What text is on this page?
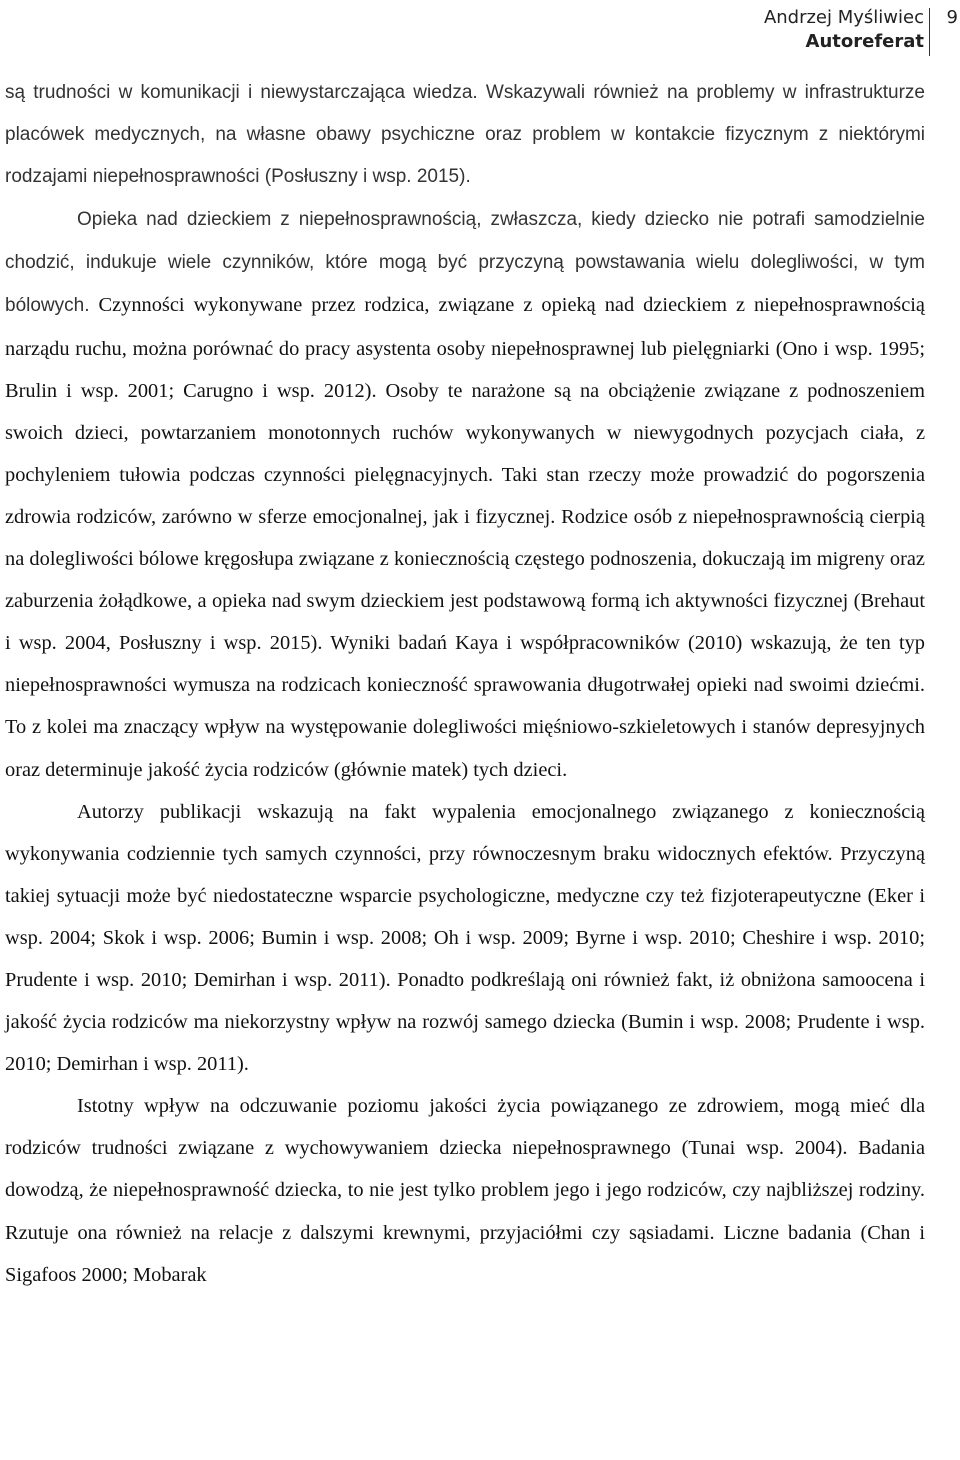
Andrzej Myśliwiec
Autoreferat
9

są trudności w komunikacji i niewystarczająca wiedza. Wskazywali również na problemy w infrastrukturze placówek medycznych, na własne obawy psychiczne oraz problem w kontakcie fizycznym z niektórymi rodzajami niepełnosprawności (Posłuszny i wsp. 2015).

Opieka nad dzieckiem z niepełnosprawnością, zwłaszcza, kiedy dziecko nie potrafi samodzielnie chodzić, indukuje wiele czynników, które mogą być przyczyną powstawania wielu dolegliwości, w tym bólowych. Czynności wykonywane przez rodzica, związane z opieką nad dzieckiem z niepełnosprawnością narządu ruchu, można porównać do pracy asystenta osoby niepełnosprawnej lub pielęgniarki (Ono i wsp. 1995; Brulin i wsp. 2001; Carugno i wsp. 2012). Osoby te narażone są na obciążenie związane z podnoszeniem swoich dzieci, powtarzaniem monotonnych ruchów wykonywanych w niewygodnych pozycjach ciała, z pochyleniem tułowia podczas czynności pielęgnacyjnych. Taki stan rzeczy może prowadzić do pogorszenia zdrowia rodziców, zarówno w sferze emocjonalnej, jak i fizycznej. Rodzice osób z niepełnosprawnością cierpią na dolegliwości bólowe kręgosłupa związane z koniecznością częstego podnoszenia, dokuczają im migreny oraz zaburzenia żołądkowe, a opieka nad swym dzieckiem jest podstawową formą ich aktywności fizycznej (Brehaut i wsp. 2004, Posłuszny i wsp. 2015). Wyniki badań Kaya i współpracowników (2010) wskazują, że ten typ niepełnosprawności wymusza na rodzicach konieczność sprawowania długotrwałej opieki nad swoimi dziećmi. To z kolei ma znaczący wpływ na występowanie dolegliwości mięśniowo-szkieletowych i stanów depresyjnych oraz determinuje jakość życia rodziców (głównie matek) tych dzieci.

Autorzy publikacji wskazują na fakt wypalenia emocjonalnego związanego z koniecznością wykonywania codziennie tych samych czynności, przy równoczesnym braku widocznych efektów. Przyczyną takiej sytuacji może być niedostateczne wsparcie psychologiczne, medyczne czy też fizjoterapeutyczne (Eker i wsp. 2004; Skok i wsp. 2006; Bumin i wsp. 2008; Oh i wsp. 2009; Byrne i wsp. 2010; Cheshire i wsp. 2010; Prudente i wsp. 2010; Demirhan i wsp. 2011). Ponadto podkreślają oni również fakt, iż obniżona samoocena i jakość życia rodziców ma niekorzystny wpływ na rozwój samego dziecka (Bumin i wsp. 2008; Prudente i wsp. 2010; Demirhan i wsp. 2011).

Istotny wpływ na odczuwanie poziomu jakości życia powiązanego ze zdrowiem, mogą mieć dla rodziców trudności związane z wychowywaniem dziecka niepełnosprawnego (Tunai wsp. 2004). Badania dowodzą, że niepełnosprawność dziecka, to nie jest tylko problem jego i jego rodziców, czy najbliższej rodziny. Rzutuje ona również na relacje z dalszymi krewnymi, przyjaciółmi czy sąsiadami. Liczne badania (Chan i Sigafoos 2000; Mobarak
